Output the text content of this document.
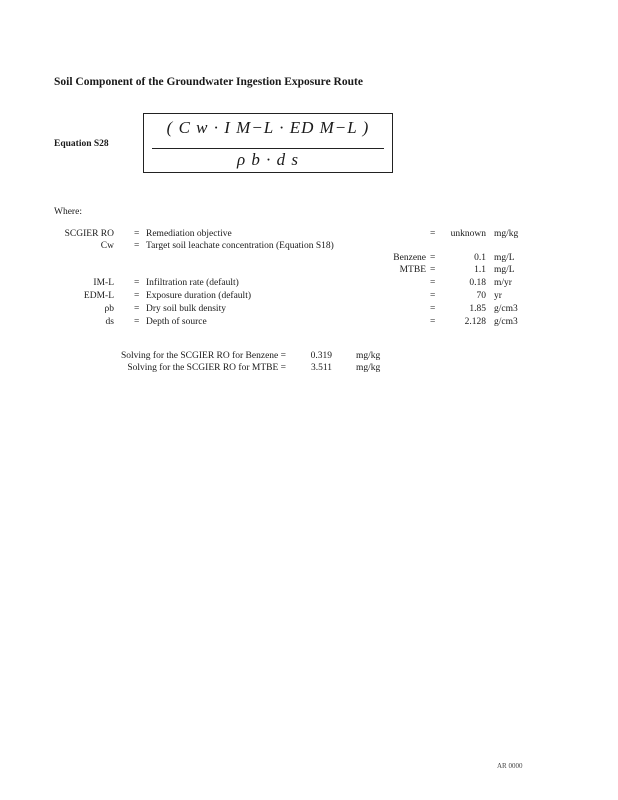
Soil Component of the Groundwater Ingestion Exposure Route
Equation S28
( C w · I M−L · ED M−L )
ρ b · d s
Where:
SCGIER RO = Remediation objective	=	unknown mg/kg
Cw = Target soil leachate concentration (Equation S18)
Benzene =	0.1 mg/L
MTBE =	1.1 mg/L
IM-L = Infiltration rate (default)	=	0.18 m/yr
EDM-L = Exposure duration (default)	=	70 yr
ρb = Dry soil bulk density	=	1.85 g/cm3
ds = Depth of source	=	2.128 g/cm3
Solving for the SCGIER RO for Benzene =	0.319	mg/kg
Solving for the SCGIER RO for MTBE =	3.511	mg/kg
AR 0000
